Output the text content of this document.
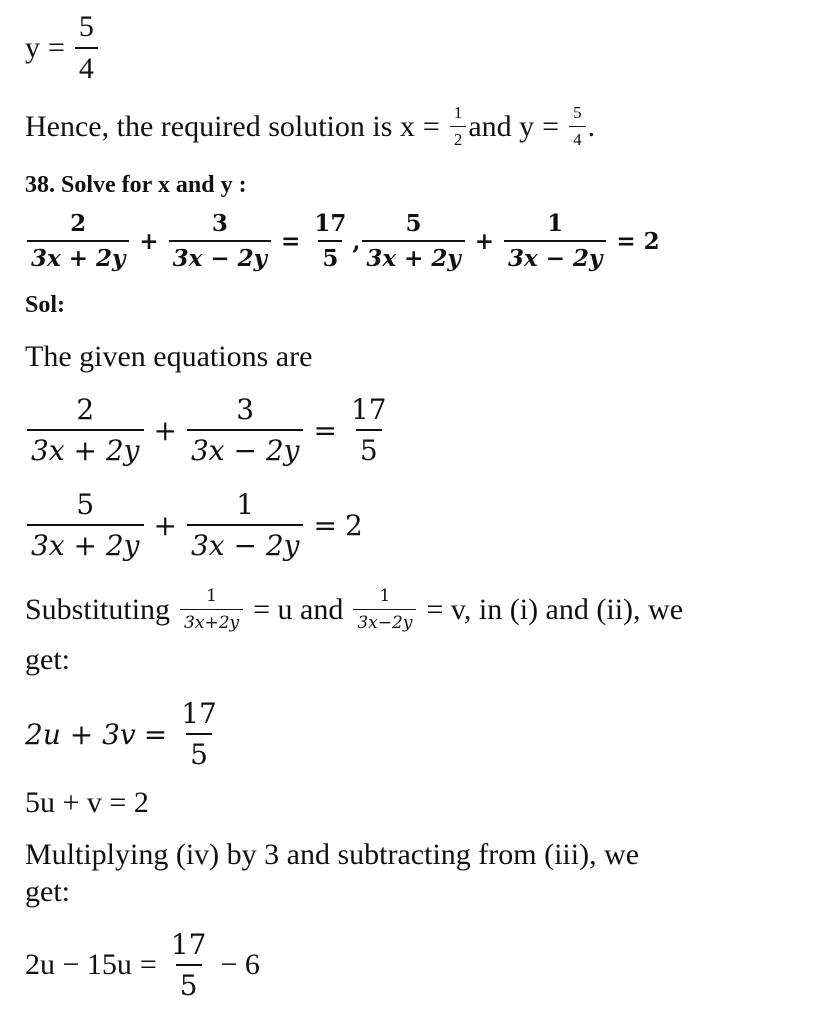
$y = \frac{5}{4}$
Hence, the required solution is $x = \frac{1}{2}$ and $y = \frac{5}{4}$ .
38. Solve for x and y :
$\frac{2}{3x + 2y} + \frac{3}{3x - 2y} = \frac{17}{5}$ , $\frac{5}{3x + 2y} + \frac{1}{3x - 2y} = 2$
Sol:
The given equations are
$\frac{2}{3x + 2y} + \frac{3}{3x - 2y} = \frac{17}{5}$
$\frac{5}{3x + 2y} + \frac{1}{3x - 2y} = 2$
Substituting $\frac{1}{3x+2y} = u$ and $\frac{1}{3x-2y} = v$, in (i) and (ii), we
get:
$2u + 3v = \frac{17}{5}$
5u + v = 2
Multiplying (iv) by 3 and subtracting from (iii), we
get:
$2u - 15u = \frac{17}{5} - 6$
